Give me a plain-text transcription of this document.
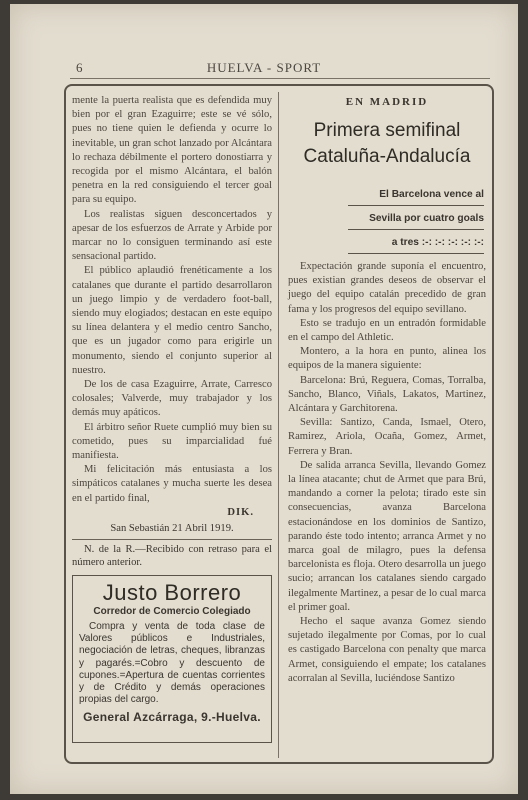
6	HUELVA - SPORT

mente la puerta realista que es defendida muy bien por el gran Ezaguirre; este se vé sólo, pues no tiene quien le defienda y ocurre lo inevitable, un gran schot lanzado por Alcántara lo rechaza débilmente el portero donostiarra y recogida por el mismo Alcántara, el balón penetra en la red consiguiendo el tercer goal para su equipo.

Los realistas siguen desconcertados y apesar de los esfuerzos de Arrate y Arbide por marcar no lo consiguen terminando así este sensacional partido.

El público aplaudió frenéticamente a los catalanes que durante el partido desarrollaron un juego limpio y de verdadero foot-ball, siendo muy elogiados; destacan en este equipo su línea delantera y el medio centro Sancho, que es un jugador como para erigirle un monumento, siendo el conjunto superior al nuestro.

De los de casa Ezaguirre, Arrate, Carresco colosales; Valverde, muy trabajador y los demás muy apáticos.

El árbitro señor Ruete cumplió muy bien su cometido, pues su imparcialidad fué manifiesta.

Mi felicitación más entusiasta a los simpáticos catalanes y mucha suerte les desea en el partido final,

DIK.
San Sebastián 21 Abril 1919.

N. de la R.—Recibido con retraso para el número anterior.

Justo Borrero
Corredor de Comercio Colegiado

Compra y venta de toda clase de Valores públicos e Industriales, negociación de letras, cheques, libranzas y pagarés.=Cobro y descuento de cupones.=Apertura de cuentas corrientes y de Crédito y demás operaciones propias del cargo.

General Azcárraga, 9.-Huelva.
EN MADRID
Primera semifinal
Cataluña-Andalucía
El Barcelona vence al
Sevilla por cuatro goals
a tres :-: :-: :-: :-: :-:

Expectación grande suponía el encuentro, pues existian grandes deseos de observar el juego del equipo catalán precedido de gran fama y los progresos del equipo sevillano.

Esto se tradujo en un entradón formidable en el campo del Athletic.

Montero, a la hora en punto, alinea los equipos de la manera siguiente:

Barcelona: Brú, Reguera, Comas, Torralba, Sancho, Blanco, Viñals, Lakatos, Martinez, Alcántara y Garchitorena.

Sevilla: Santizo, Canda, Ismael, Otero, Ramirez, Ariola, Ocaña, Gomez, Armet, Ferrera y Bran.

De salida arranca Sevilla, llevando Gomez la línea atacante; chut de Armet que para Brú, mandando a corner la pelota; tirado este sin consecuencias, avanza Barcelona estacionándose en los dominios de Santizo, parando éste todo intento; arranca Armet y no marca goal de milagro, pues la defensa barcelonista es floja. Otero desarrolla un juego sucio; arrancan los catalanes siendo cargado ilegalmente Martinez, a pesar de lo cual marca el primer goal.

Hecho el saque avanza Gomez siendo sujetado ilegalmente por Comas, por lo cual es castigado Barcelona con penalty que marca Armet, consiguiendo el empate; los catalanes acorralan al Sevilla, luciéndose Santizo
